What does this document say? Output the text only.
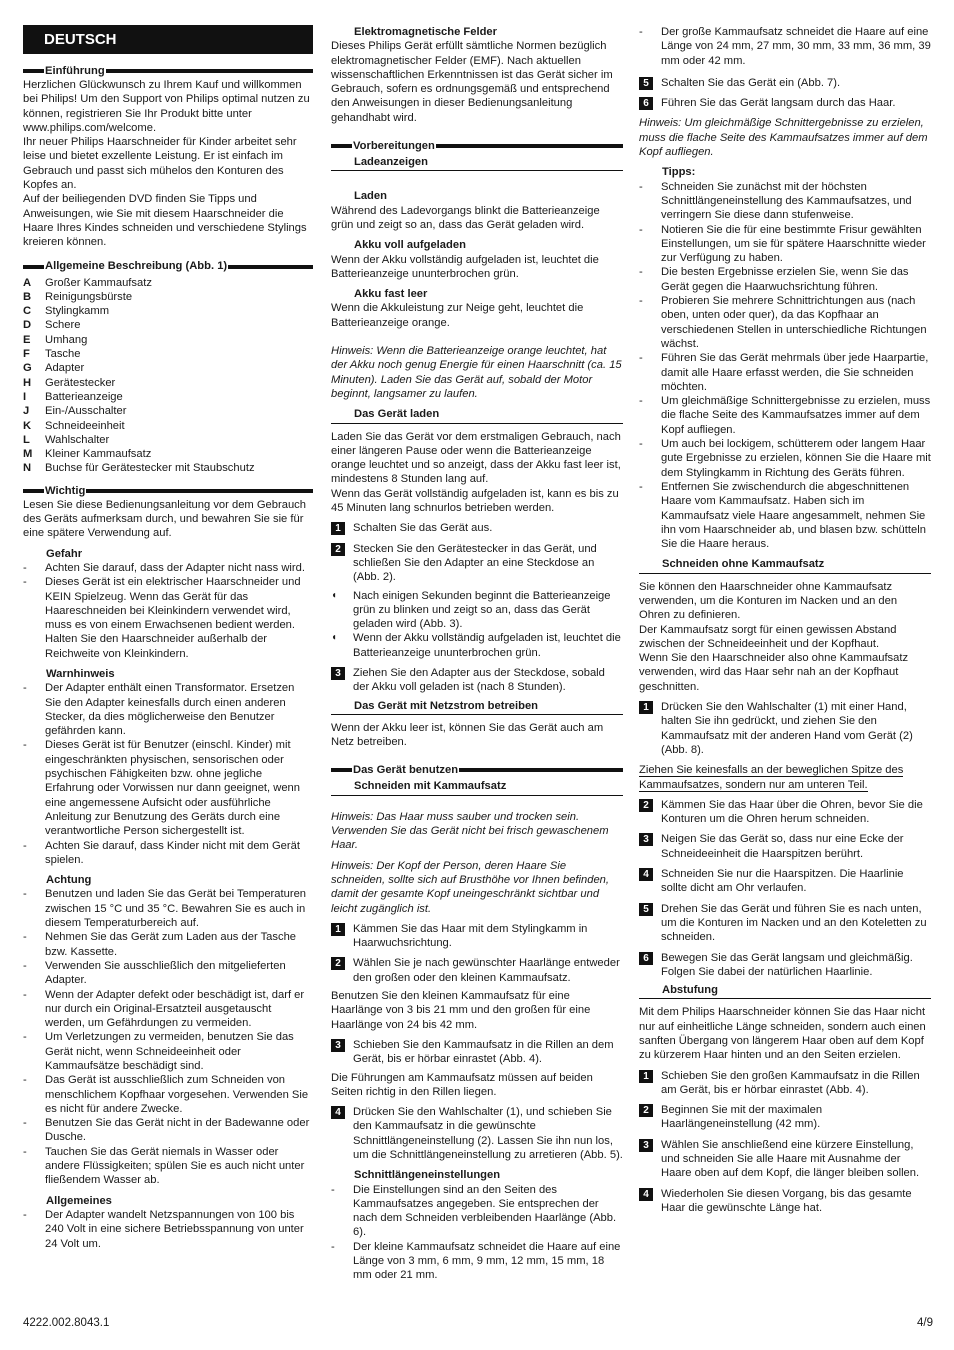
DEUTSCH
Einführung

Herzlichen Glückwunsch zu Ihrem Kauf und willkommen bei Philips! Um den Support von Philips optimal nutzen zu können, registrieren Sie Ihr Produkt bitte unter www.philips.com/welcome.

Ihr neuer Philips Haarschneider für Kinder arbeitet sehr leise und bietet exzellente Leistung. Er ist einfach im Gebrauch und passt sich mühelos den Konturen des Kopfes an.

Auf der beiliegenden DVD finden Sie Tipps und Anweisungen, wie Sie mit diesem Haarschneider die Haare Ihres Kindes schneiden und verschiedene Stylings kreieren können.

Allgemeine Beschreibung (Abb. 1)
A	Großer Kammaufsatz
B	Reinigungsbürste
C	Stylingkamm
D	Schere
E	Umhang
F	Tasche
G	Adapter
H	Gerätestecker
I	Batterieanzeige
J	Ein-/Ausschalter
K	Schneideeinheit
L	Wahlschalter
M	Kleiner Kammaufsatz
N	Buchse für Gerätestecker mit Staubschutz
Wichtig

Lesen Sie diese Bedienungsanleitung vor dem Gebrauch des Geräts aufmerksam durch, und bewahren Sie sie für eine spätere Verwendung auf.

Gefahr
- Achten Sie darauf, dass der Adapter nicht nass wird.
- Dieses Gerät ist ein elektrischer Haarschneider und KEIN Spielzeug. Wenn das Gerät für das Haareschneiden bei Kleinkindern verwendet wird, muss es von einem Erwachsenen bedient werden. Halten Sie den Haarschneider außerhalb der Reichweite von Kleinkindern.
Warnhinweis
- Der Adapter enthält einen Transformator. Ersetzen Sie den Adapter keinesfalls durch einen anderen Stecker, da dies möglicherweise den Benutzer gefährden kann.
- Dieses Gerät ist für Benutzer (einschl. Kinder) mit eingeschränkten physischen, sensorischen oder psychischen Fähigkeiten bzw. ohne jegliche Erfahrung oder Vorwissen nur dann geeignet, wenn eine angemessene Aufsicht oder ausführliche Anleitung zur Benutzung des Geräts durch eine verantwortliche Person sichergestellt ist.
- Achten Sie darauf, dass Kinder nicht mit dem Gerät spielen.
Achtung
- Benutzen und laden Sie das Gerät bei Temperaturen zwischen 15 °C und 35 °C. Bewahren Sie es auch in diesem Temperaturbereich auf.
- Nehmen Sie das Gerät zum Laden aus der Tasche bzw. Kassette.
- Verwenden Sie ausschließlich den mitgelieferten Adapter.
- Wenn der Adapter defekt oder beschädigt ist, darf er nur durch ein Original-Ersatzteil ausgetauscht werden, um Gefährdungen zu vermeiden.
- Um Verletzungen zu vermeiden, benutzen Sie das Gerät nicht, wenn Schneideeinheit oder Kammaufsätze beschädigt sind.
- Das Gerät ist ausschließlich zum Schneiden von menschlichem Kopfhaar vorgesehen. Verwenden Sie es nicht für andere Zwecke.
- Benutzen Sie das Gerät nicht in der Badewanne oder Dusche.
- Tauchen Sie das Gerät niemals in Wasser oder andere Flüssigkeiten; spülen Sie es auch nicht unter fließendem Wasser ab.
Allgemeines
- Der Adapter wandelt Netzspannungen von 100 bis 240 Volt in eine sichere Betriebsspannung von unter 24 Volt um.
Elektromagnetische Felder

Dieses Philips Gerät erfüllt sämtliche Normen bezüglich elektromagnetischer Felder (EMF). Nach aktuellen wissenschaftlichen Erkenntnissen ist das Gerät sicher im Gebrauch, sofern es ordnungsgemäß und entsprechend den Anweisungen in dieser Bedienungsanleitung gehandhabt wird.

Vorbereitungen
Ladeanzeigen
Laden

Während des Ladevorgangs blinkt die Batterieanzeige grün und zeigt so an, dass das Gerät geladen wird.

Akku voll aufgeladen

Wenn der Akku vollständig aufgeladen ist, leuchtet die Batterieanzeige ununterbrochen grün.

Akku fast leer

Wenn die Akkuleistung zur Neige geht, leuchtet die Batterieanzeige orange.

Hinweis: Wenn die Batterieanzeige orange leuchtet, hat der Akku noch genug Energie für einen Haarschnitt (ca. 15 Minuten). Laden Sie das Gerät auf, sobald der Motor beginnt, langsamer zu laufen.

Das Gerät laden

Laden Sie das Gerät vor dem erstmaligen Gebrauch, nach einer längeren Pause oder wenn die Batterieanzeige orange leuchtet und so anzeigt, dass der Akku fast leer ist, mindestens 8 Stunden lang auf.

Wenn das Gerät vollständig aufgeladen ist, kann es bis zu 45 Minuten lang schnurlos betrieben werden.

1	Schalten Sie das Gerät aus.
2	Stecken Sie den Gerätestecker in das Gerät, und schließen Sie den Adapter an eine Steckdose an (Abb. 2).
◖	Nach einigen Sekunden beginnt die Batterieanzeige grün zu blinken und zeigt so an, dass das Gerät geladen wird (Abb. 3).
◖	Wenn der Akku vollständig aufgeladen ist, leuchtet die Batterieanzeige ununterbrochen grün.
3	Ziehen Sie den Adapter aus der Steckdose, sobald der Akku voll geladen ist (nach 8 Stunden).
Das Gerät mit Netzstrom betreiben

Wenn der Akku leer ist, können Sie das Gerät auch am Netz betreiben.

Das Gerät benutzen
Schneiden mit Kammaufsatz

Hinweis: Das Haar muss sauber und trocken sein. Verwenden Sie das Gerät nicht bei frisch gewaschenem Haar.

Hinweis: Der Kopf der Person, deren Haare Sie schneiden, sollte sich auf Brusthöhe vor Ihnen befinden, damit der gesamte Kopf uneingeschränkt sichtbar und leicht zugänglich ist.

1	Kämmen Sie das Haar mit dem Stylingkamm in Haarwuchsrichtung.
2	Wählen Sie je nach gewünschter Haarlänge entweder den großen oder den kleinen Kammaufsatz.

Benutzen Sie den kleinen Kammaufsatz für eine Haarlänge von 3 bis 21 mm und den großen für eine Haarlänge von 24 bis 42 mm.

3	Schieben Sie den Kammaufsatz in die Rillen an dem Gerät, bis er hörbar einrastet (Abb. 4).

Die Führungen am Kammaufsatz müssen auf beiden Seiten richtig in den Rillen liegen.

4	Drücken Sie den Wahlschalter (1), und schieben Sie den Kammaufsatz in die gewünschte Schnittlängeneinstellung (2). Lassen Sie ihn nun los, um die Schnittlängeneinstellung zu arretieren (Abb. 5).
Schnittlängeneinstellungen
- Die Einstellungen sind an den Seiten des Kammaufsatzes angegeben. Sie entsprechen der nach dem Schneiden verbleibenden Haarlänge (Abb. 6).
- Der kleine Kammaufsatz schneidet die Haare auf eine Länge von 3 mm, 6 mm, 9 mm, 12 mm, 15 mm, 18 mm oder 21 mm.
- Der große Kammaufsatz schneidet die Haare auf eine Länge von 24 mm, 27 mm, 30 mm, 33 mm, 36 mm, 39 mm oder 42 mm.
5	Schalten Sie das Gerät ein (Abb. 7).
6	Führen Sie das Gerät langsam durch das Haar.

Hinweis: Um gleichmäßige Schnittergebnisse zu erzielen, muss die flache Seite des Kammaufsatzes immer auf dem Kopf aufliegen.

Tipps:
- Schneiden Sie zunächst mit der höchsten Schnittlängeneinstellung des Kammaufsatzes, und verringern Sie diese dann stufenweise.
- Notieren Sie die für eine bestimmte Frisur gewählten Einstellungen, um sie für spätere Haarschnitte wieder zur Verfügung zu haben.
- Die besten Ergebnisse erzielen Sie, wenn Sie das Gerät gegen die Haarwuchsrichtung führen.
- Probieren Sie mehrere Schnittrichtungen aus (nach oben, unten oder quer), da das Kopfhaar an verschiedenen Stellen in unterschiedliche Richtungen wächst.
- Führen Sie das Gerät mehrmals über jede Haarpartie, damit alle Haare erfasst werden, die Sie schneiden möchten.
- Um gleichmäßige Schnittergebnisse zu erzielen, muss die flache Seite des Kammaufsatzes immer auf dem Kopf aufliegen.
- Um auch bei lockigem, schütterem oder langem Haar gute Ergebnisse zu erzielen, können Sie die Haare mit dem Stylingkamm in Richtung des Geräts führen.
- Entfernen Sie zwischendurch die abgeschnittenen Haare vom Kammaufsatz. Haben sich im Kammaufsatz viele Haare angesammelt, nehmen Sie ihn vom Haarschneider ab, und blasen bzw. schütteln Sie die Haare heraus.
Schneiden ohne Kammaufsatz

Sie können den Haarschneider ohne Kammaufsatz verwenden, um die Konturen im Nacken und an den Ohren zu definieren.

Der Kammaufsatz sorgt für einen gewissen Abstand zwischen der Schneideeinheit und der Kopfhaut.

Wenn Sie den Haarschneider also ohne Kammaufsatz verwenden, wird das Haar sehr nah an der Kopfhaut geschnitten.

1	Drücken Sie den Wahlschalter (1) mit einer Hand, halten Sie ihn gedrückt, und ziehen Sie den Kammaufsatz mit der anderen Hand vom Gerät (2) (Abb. 8).

Ziehen Sie keinesfalls an der beweglichen Spitze des Kammaufsatzes, sondern nur am unteren Teil.

2	Kämmen Sie das Haar über die Ohren, bevor Sie die Konturen um die Ohren herum schneiden.
3	Neigen Sie das Gerät so, dass nur eine Ecke der Schneideeinheit die Haarspitzen berührt.
4	Schneiden Sie nur die Haarspitzen. Die Haarlinie sollte dicht am Ohr verlaufen.
5	Drehen Sie das Gerät und führen Sie es nach unten, um die Konturen im Nacken und an den Koteletten zu schneiden.
6	Bewegen Sie das Gerät langsam und gleichmäßig. Folgen Sie dabei der natürlichen Haarlinie.
Abstufung

Mit dem Philips Haarschneider können Sie das Haar nicht nur auf einheitliche Länge schneiden, sondern auch einen sanften Übergang von längerem Haar oben auf dem Kopf zu kürzerem Haar hinten und an den Seiten erzielen.

1	Schieben Sie den großen Kammaufsatz in die Rillen am Gerät, bis er hörbar einrastet (Abb. 4).
2	Beginnen Sie mit der maximalen Haarlängeneinstellung (42 mm).
3	Wählen Sie anschließend eine kürzere Einstellung, und schneiden Sie alle Haare mit Ausnahme der Haare oben auf dem Kopf, die länger bleiben sollen.
4	Wiederholen Sie diesen Vorgang, bis das gesamte Haar die gewünschte Länge hat.
4222.002.8043.1	4/9
